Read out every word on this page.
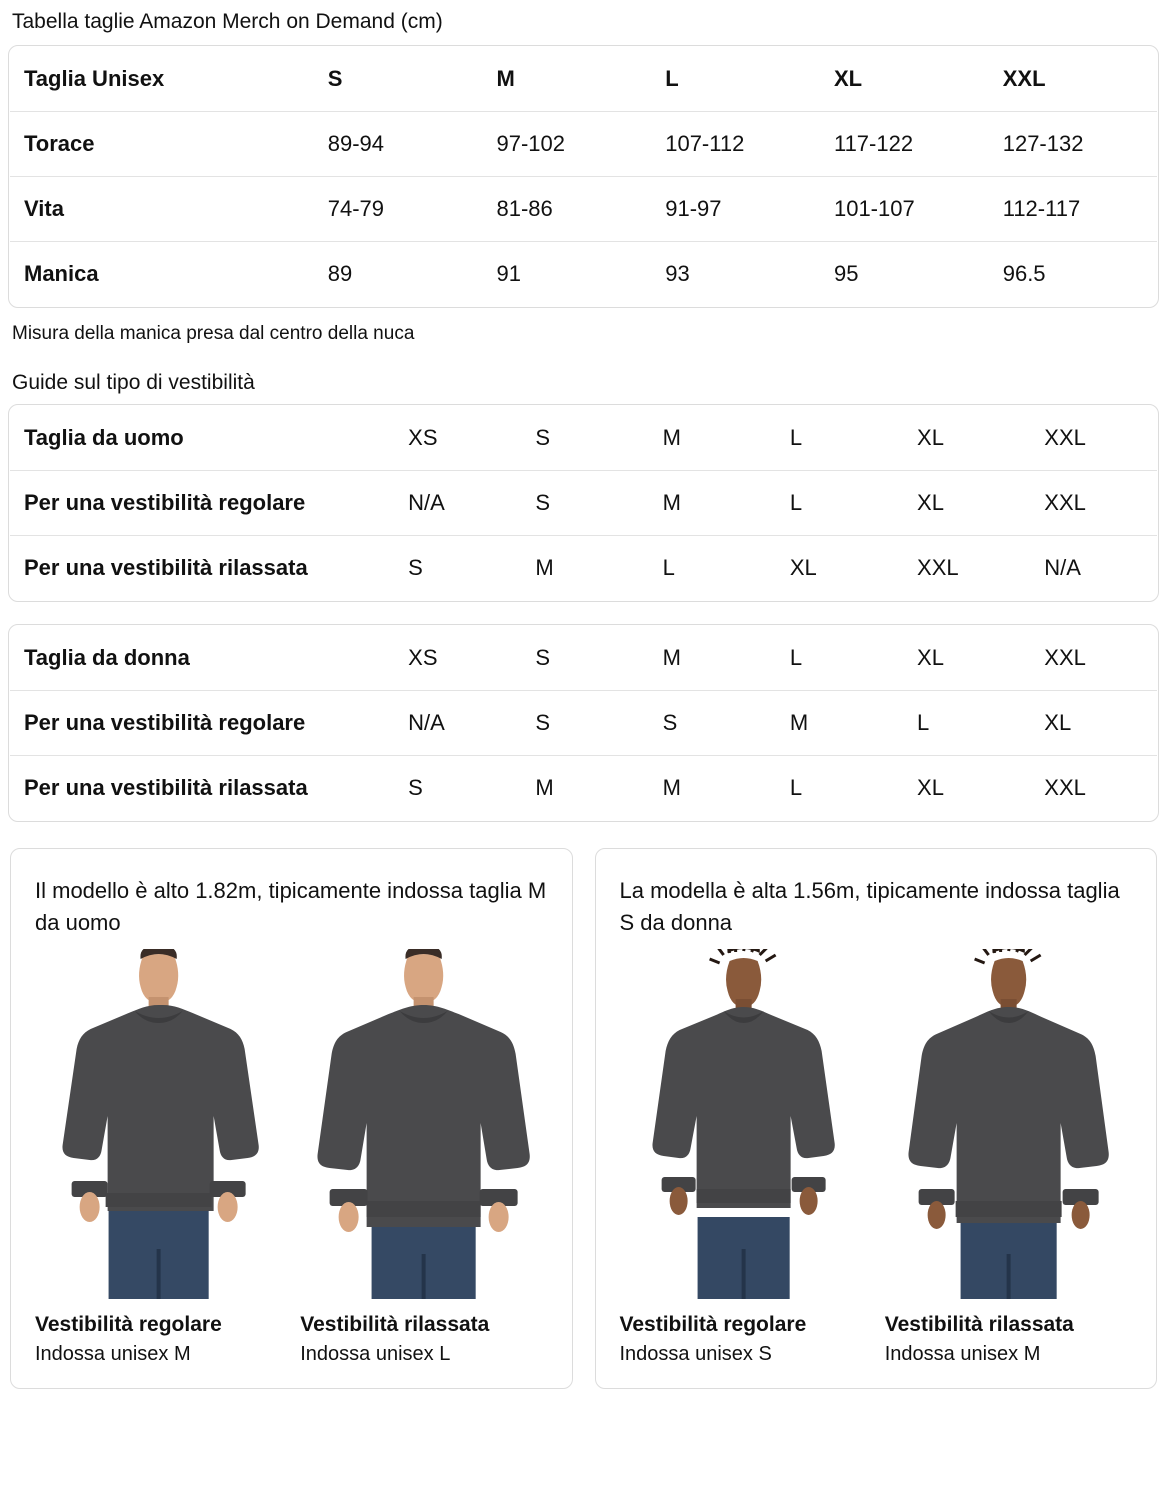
Tabella taglie Amazon Merch on Demand (cm)
Taglia Unisex	S	M	L	XL	XXL
Torace	89-94	97-102	107-112	117-122	127-132
Vita	74-79	81-86	91-97	101-107	112-117
Manica	89	91	93	95	96.5
Misura della manica presa dal centro della nuca
Guide sul tipo di vestibilità
Taglia da uomo	XS	S	M	L	XL	XXL
Per una vestibilità regolare	N/A	S	M	L	XL	XXL
Per una vestibilità rilassata	S	M	L	XL	XXL	N/A
Taglia da donna	XS	S	M	L	XL	XXL
Per una vestibilità regolare	N/A	S	S	M	L	XL
Per una vestibilità rilassata	S	M	M	L	XL	XXL
Il modello è alto 1.82m, tipicamente indossa taglia M da uomo
Vestibilità regolare
Indossa unisex M
Vestibilità rilassata
Indossa unisex L
La modella è alta 1.56m, tipicamente indossa taglia S da donna
Vestibilità regolare
Indossa unisex S
Vestibilità rilassata
Indossa unisex M
